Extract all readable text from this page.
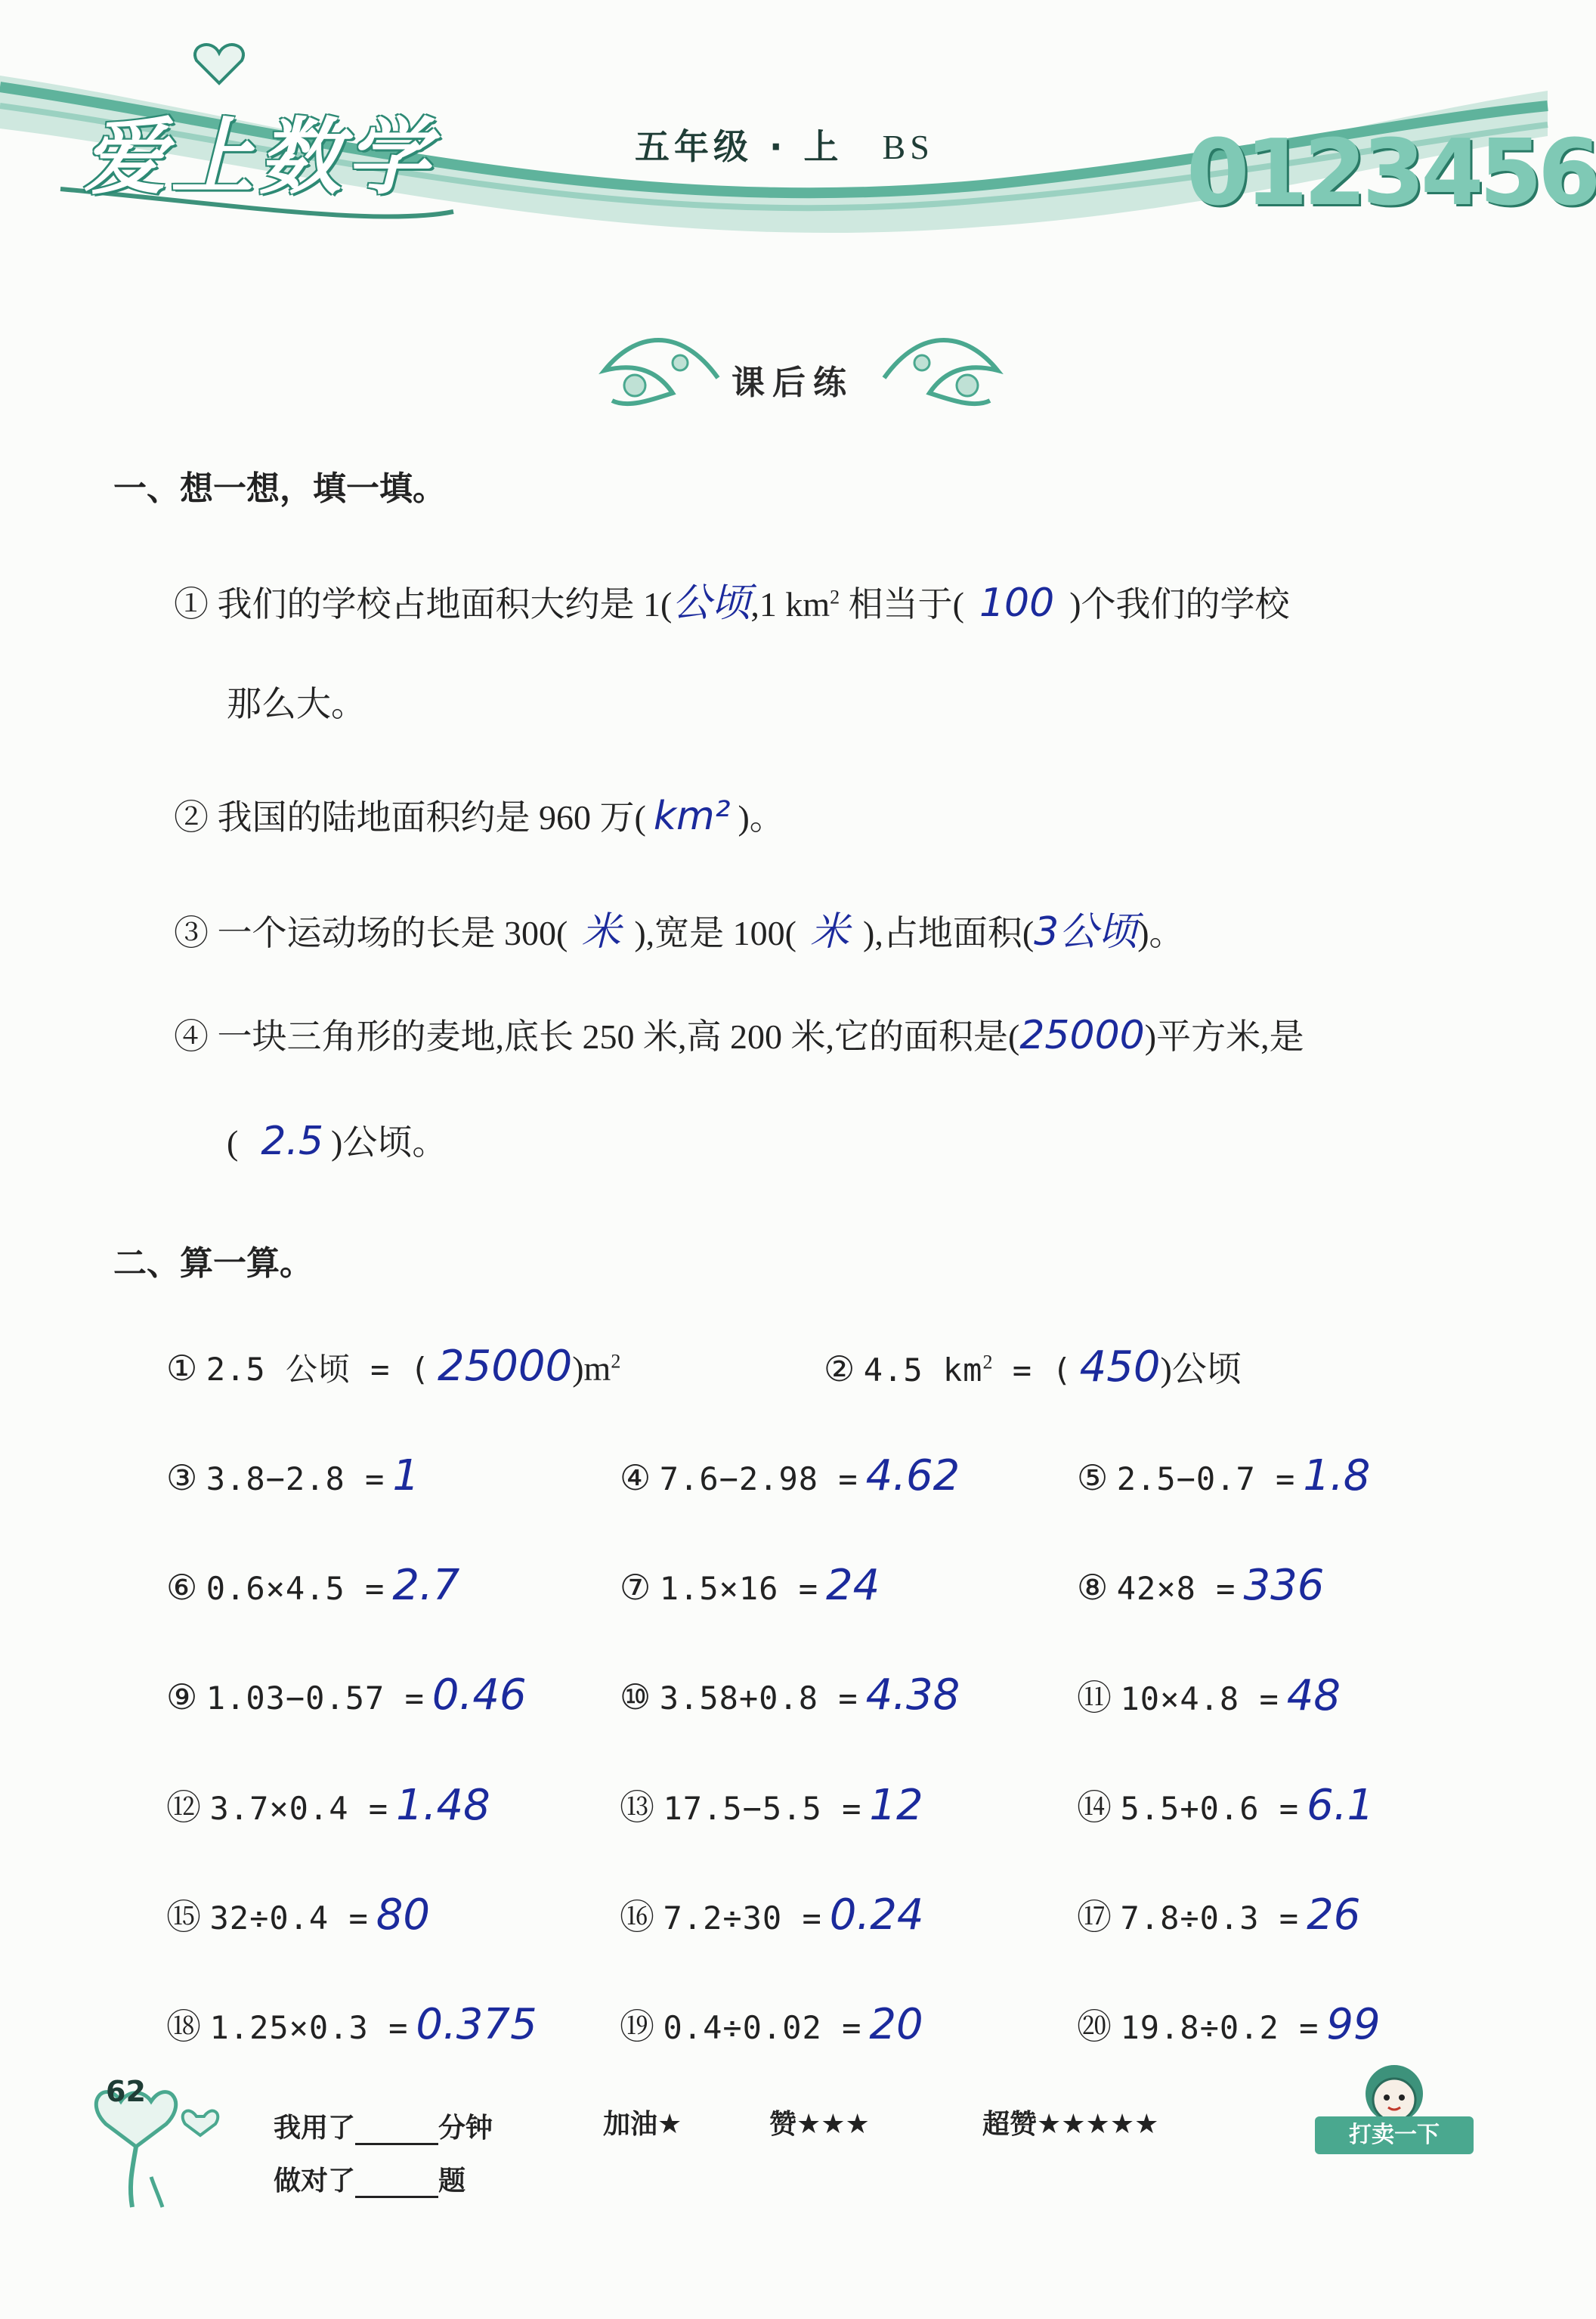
爱上数学	五年级 · 上 BS	0123456
课后练
一、想一想，填一填。
① 我们的学校占地面积大约是 1(公顷,1 $km^2$ 相当于( 100 )个我们的学校
那么大。
② 我国的陆地面积约是 960 万( km² )。
③ 一个运动场的长是 300( 米 ),宽是 100( 米 ),占地面积(3公顷)。
④ 一块三角形的麦地,底长 250 米,高 200 米,它的面积是(25000)平方米,是
( 2.5 )公顷。
二、算一算。
① 2.5 公顷 = ( $25000)m^2$	② 4.5 $km^2$ = ( 450)公顷
③ 3.8−2.8 = 1	④ 7.6−2.98 = 4.62	⑤ 2.5−0.7 = 1.8
⑥ 0.6×4.5 = 2.7	⑦ 1.5×16 = 24	⑧ 42×8 = 336
⑨ 1.03−0.57 = 0.46	⑩ 3.58+0.8 = 4.38	⑪ 10×4.8 = 48
⑫ 3.7×0.4 = 1.48	⑬ 17.5−5.5 = 12	⑭ 5.5+0.6 = 6.1
⑮ 32÷0.4 = 80	⑯ 7.2÷30 = 0.24	⑰ 7.8÷0.3 = 26
⑱ 1.25×0.3 = 0.375 ⑲ 0.4÷0.02 = 20	⑳ 19.8÷0.2 = 99
62
我用了	分钟
做对了	题
加油★	赞★★★	超赞★★★★★	打卖一下
